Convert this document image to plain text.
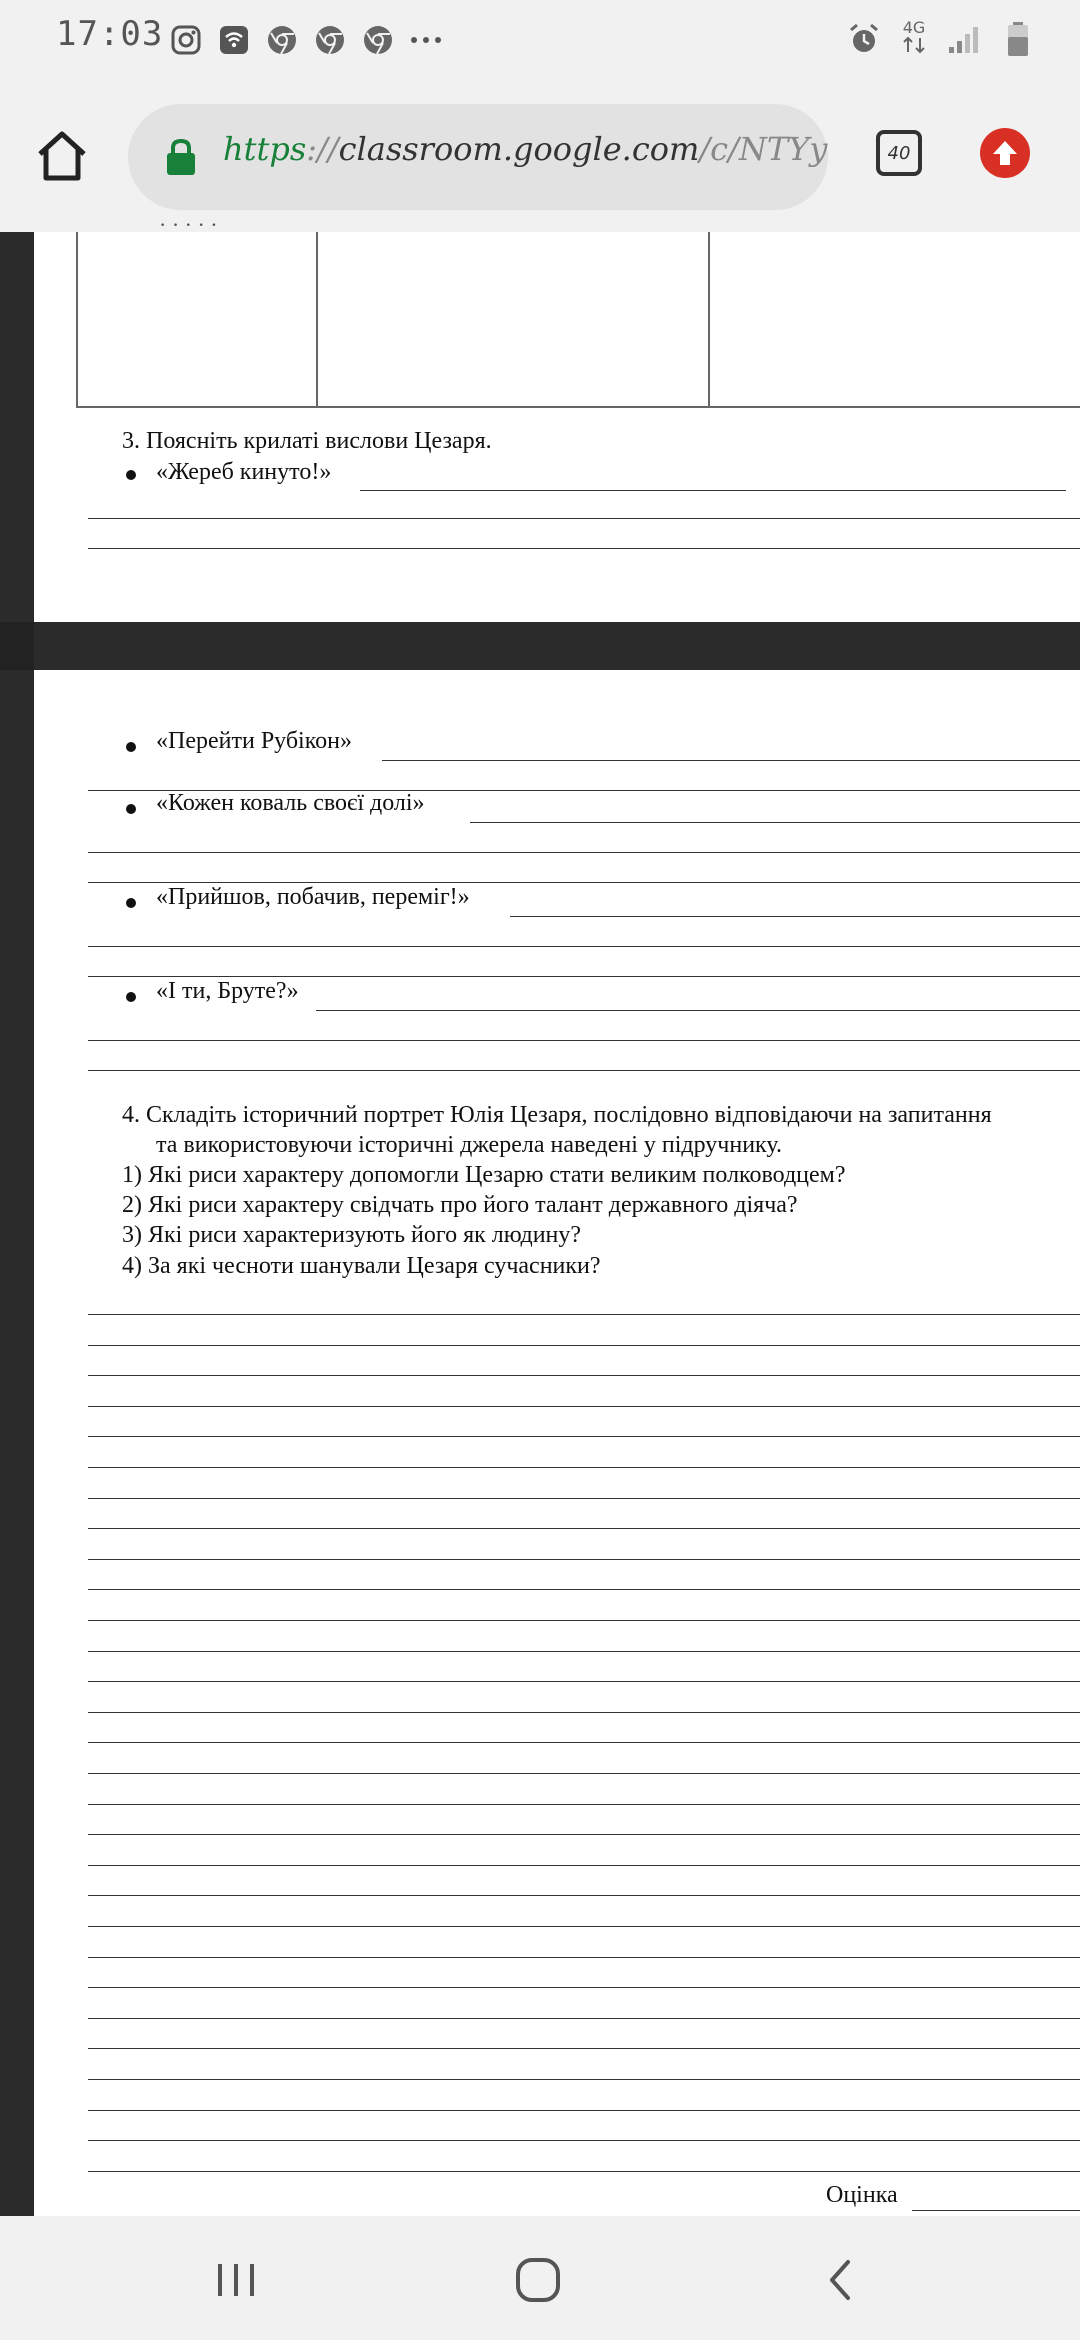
17:03	4G
https://classroom.google.com/c/NTYy	40
· · · · ·
3. Поясніть крилаті вислови Цезаря.
«Жереб кинуто!»
«Перейти Рубікон»
«Кожен коваль своєї долі»
«Прийшов, побачив, переміг!»
«І ти, Бруте?»
4. Складіть історичний портрет Юлія Цезаря, послідовно відповідаючи на запитання
та використовуючи історичні джерела наведені у підручнику.
1) Які риси характеру допомогли Цезарю стати великим полководцем?
2) Які риси характеру свідчать про його талант державного діяча?
3) Які риси характеризують його як людину?
4) За які чесноти шанували Цезаря сучасники?
Оцінка
